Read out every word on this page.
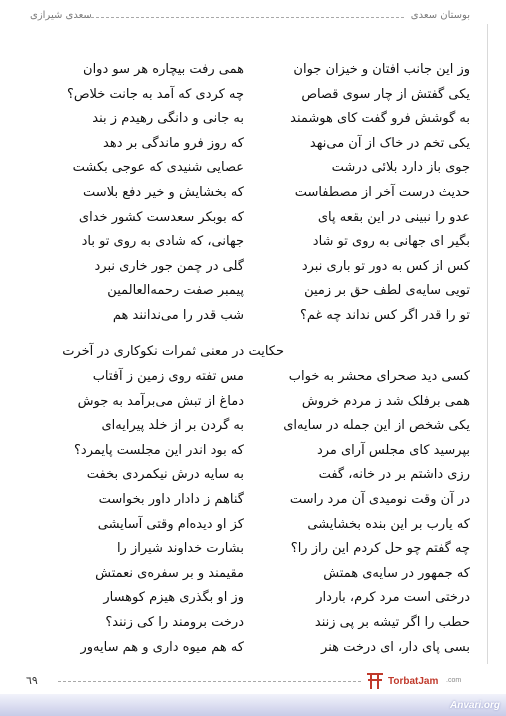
بوستان سعدی
سعدی شیرازی
وز این جانب افتان و خیزان جوان
همی رفت بیچاره هر سو دوان
یکی گفتش از چار سوی قصاص
چه کردی که آمد به جانت خلاص؟
به گوشش فرو گفت کای هوشمند
به جانی و دانگی رهیدم ز بند
یکی تخم در خاک از آن می‌نهد
که روز فرو ماندگی بر دهد
جوی باز دارد بلائی درشت
عصایی شنیدی که عوجی بکشت
حدیث درست آخر از مصطفاست
که بخشایش و خیر دفع بلاست
عدو را نبینی در این بقعه پای
که بوبکر سعدست کشور خدای
بگیر ای جهانی به روی تو شاد
جهانی، که شادی به روی تو باد
کس از کس به دور تو باری نبرد
گلی در چمن جور خاری نبرد
تویی سایه‌ی لطف حق بر زمین
پیمبر صفت رحمه‌العالمین
تو را قدر اگر کس نداند چه غم؟
شب قدر را می‌ندانند هم
حکایت در معنی ثمرات نکوکاری در آخرت
کسی دید صحرای محشر به خواب
مس تفته روی زمین ز آفتاب
همی برفلک شد ز مردم خروش
دماغ از تبش می‌برآمد به جوش
یکی شخص از این جمله در سایه‌ای
به گردن بر از خلد پیرایه‌ای
بپرسید کای مجلس آرای مرد
که بود اندر این مجلست پایمرد؟
رزی داشتم بر در خانه، گفت
به سایه درش نیکمردی بخفت
در آن وقت نومیدی آن مرد راست
گناهم ز دادار داور بخواست
که یارب بر این بنده بخشایشی
کز او دیده‌ام وقتی آسایشی
چه گفتم چو حل کردم این راز را؟
بشارت خداوند شیراز را
که جمهور در سایه‌ی همتش
مقیمند و بر سفره‌ی نعمتش
درختی است مرد کرم، باردار
وز او بگذری هیزم کوهسار
حطب را اگر تیشه بر پی زنند
درخت برومند را کی زنند؟
بسی پای دار، ای درخت هنر
که هم میوه داری و هم سایه‌ور
٦٩	TorbatJam .com
Anvari.org
